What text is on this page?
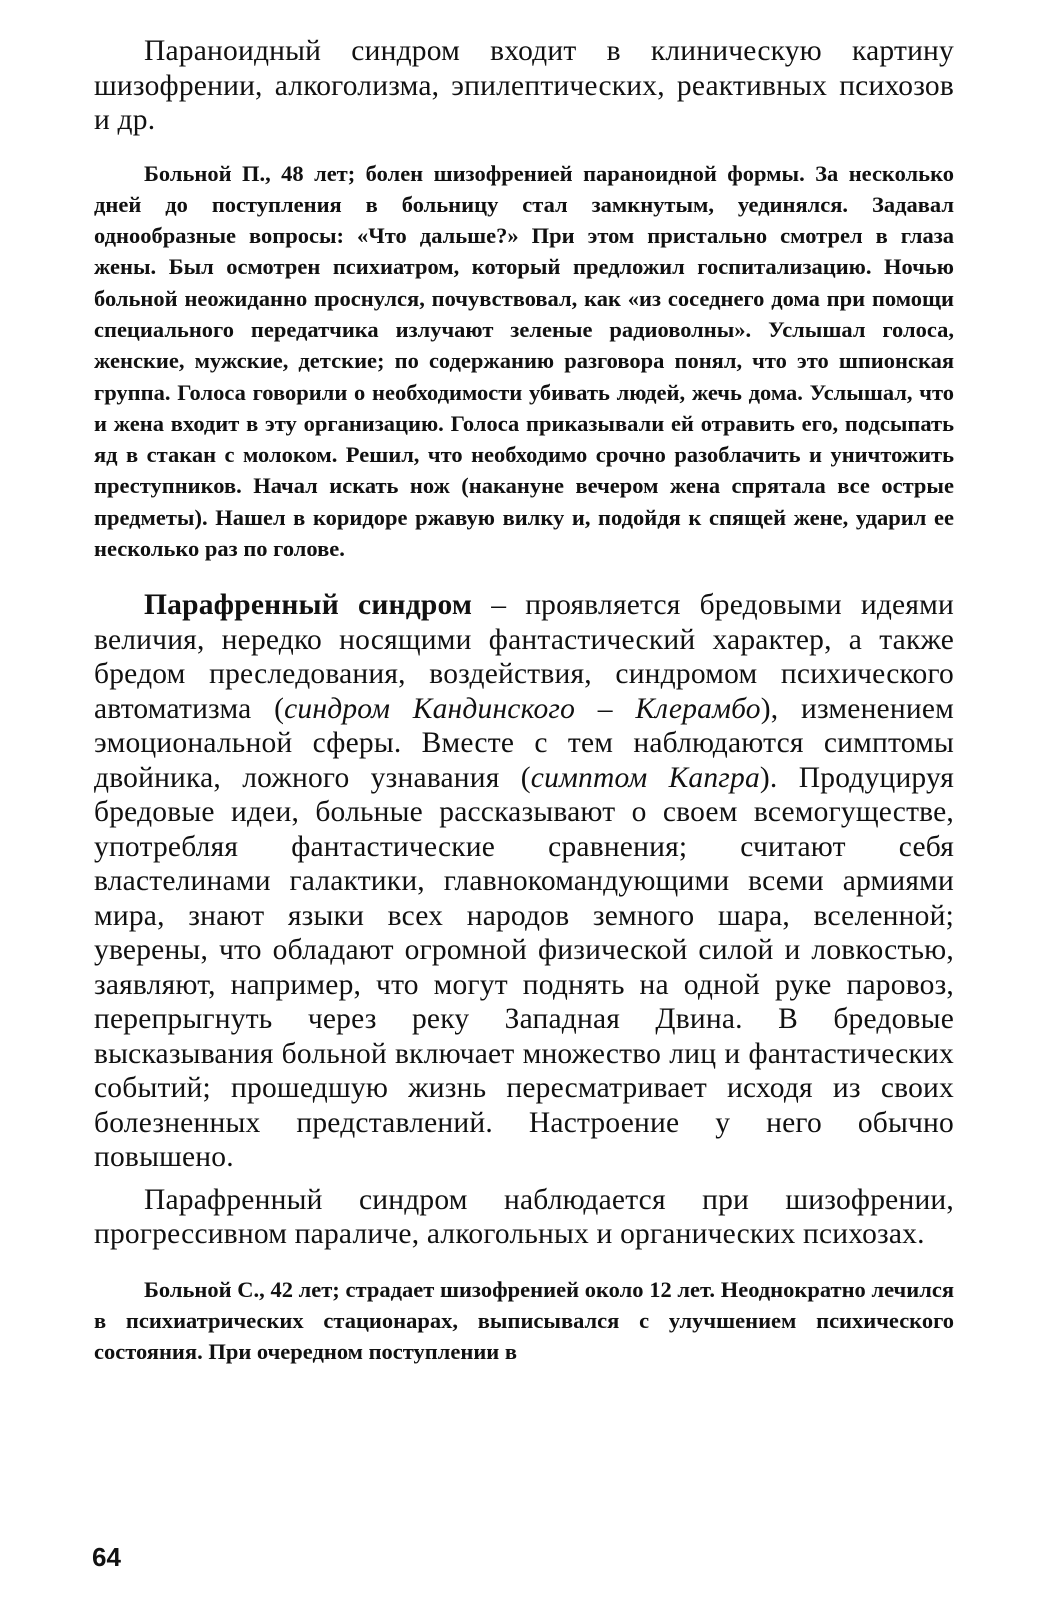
Параноидный синдром входит в клиническую картину шизофрении, алкоголизма, эпилептических, реактивных психозов и др.

Больной П., 48 лет; болен шизофренией параноидной формы. За несколько дней до поступления в больницу стал замкнутым, уединялся. Задавал однообразные вопросы: «Что дальше?» При этом пристально смотрел в глаза жены. Был осмотрен психиатром, который предложил госпитализацию. Ночью больной неожиданно проснулся, почувствовал, как «из соседнего дома при помощи специального передатчика излучают зеленые радиоволны». Услышал голоса, женские, мужские, детские; по содержанию разговора понял, что это шпионская группа. Голоса говорили о необходимости убивать людей, жечь дома. Услышал, что и жена входит в эту организацию. Голоса приказывали ей отравить его, подсыпать яд в стакан с молоком. Решил, что необходимо срочно разоблачить и уничтожить преступников. Начал искать нож (накануне вечером жена спрятала все острые предметы). Нашел в коридоре ржавую вилку и, подойдя к спящей жене, ударил ее несколько раз по голове.

Парафренный синдром – проявляется бредовыми идеями величия, нередко носящими фантастический характер, а также бредом преследования, воздействия, синдромом психического автоматизма (синдром Кандинского – Клерамбо), изменением эмоциональной сферы. Вместе с тем наблюдаются симптомы двойника, ложного узнавания (симптом Капгра). Продуцируя бредовые идеи, больные рассказывают о своем всемогуществе, употребляя фантастические сравнения; считают себя властелинами галактики, главнокомандующими всеми армиями мира, знают языки всех народов земного шара, вселенной; уверены, что обладают огромной физической силой и ловкостью, заявляют, например, что могут поднять на одной руке паровоз, перепрыгнуть через реку Западная Двина. В бредовые высказывания больной включает множество лиц и фантастических событий; прошедшую жизнь пересматривает исходя из своих болезненных представлений. Настроение у него обычно повышено.

Парафренный синдром наблюдается при шизофрении, прогрессивном параличе, алкогольных и органических психозах.

Больной С., 42 лет; страдает шизофренией около 12 лет. Неоднократно лечился в психиатрических стационарах, выписывался с улучшением психического состояния. При очередном поступлении в

64
